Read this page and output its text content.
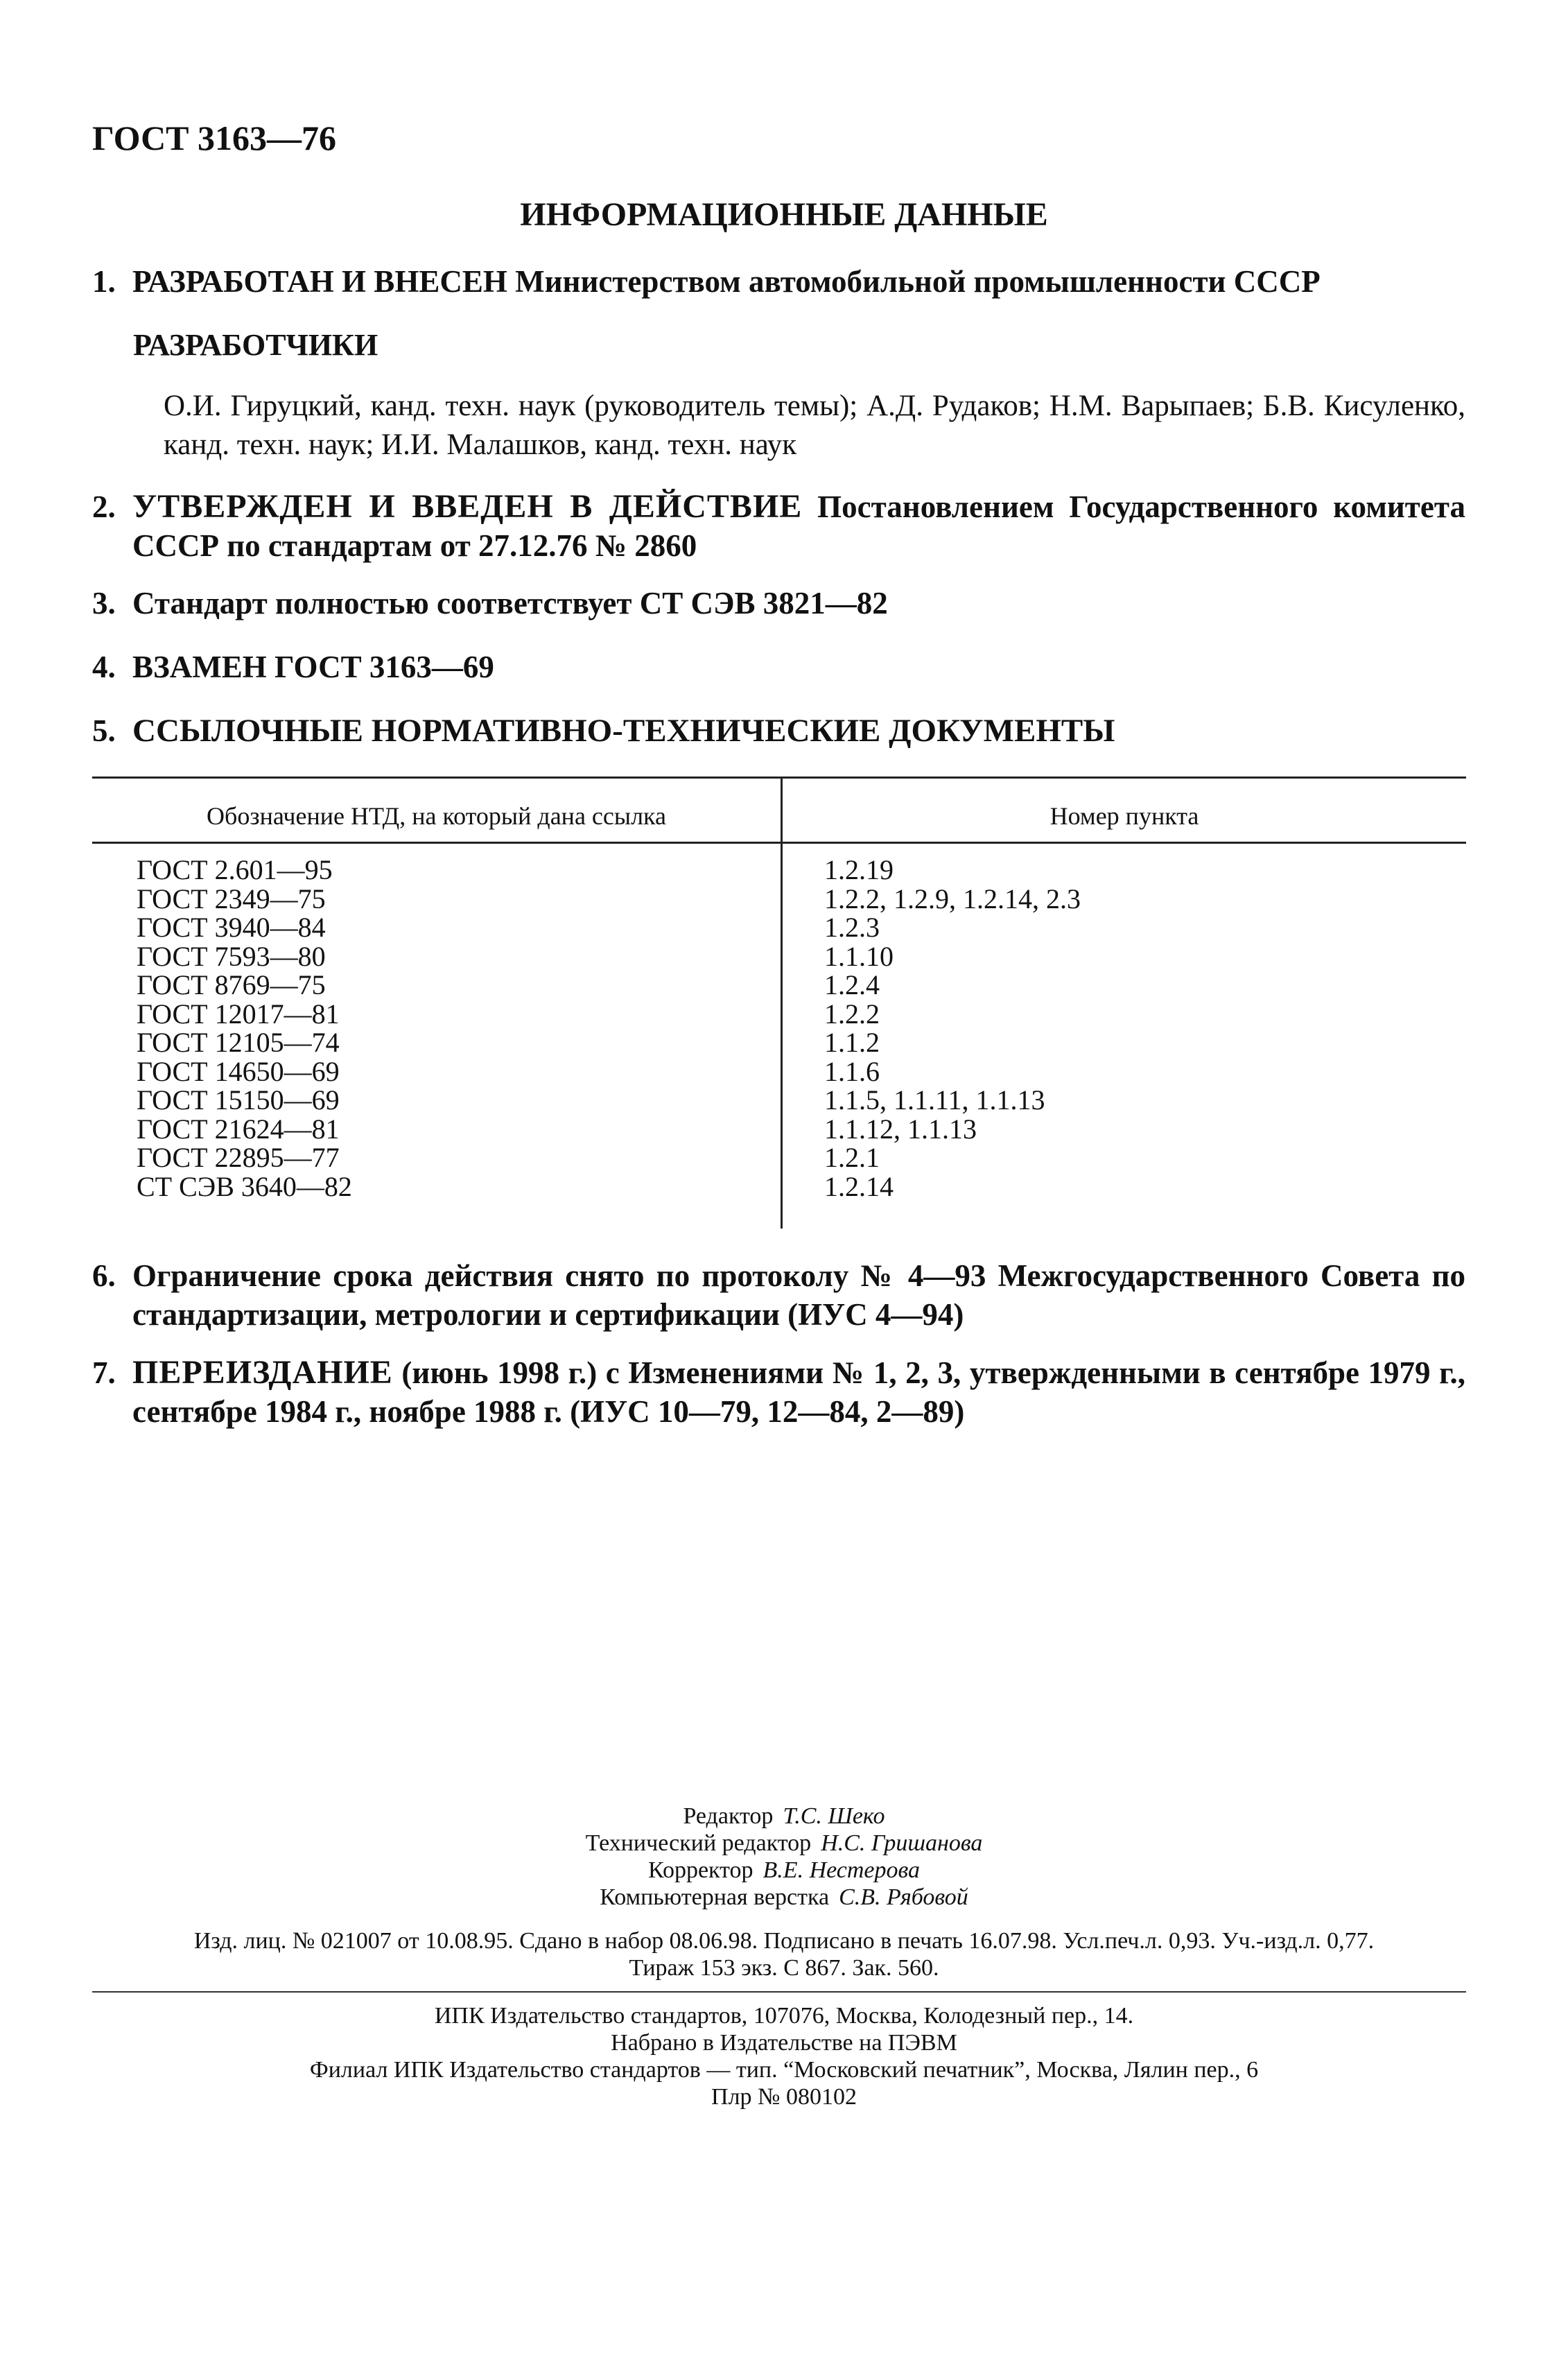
ГОСТ 3163—76
ИНФОРМАЦИОННЫЕ ДАННЫЕ
1. РАЗРАБОТАН И ВНЕСЕН Министерством автомобильной промышленности СССР
РАЗРАБОТЧИКИ
О.И. Гируцкий, канд. техн. наук (руководитель темы); А.Д. Рудаков; Н.М. Варыпаев; Б.В. Кисуленко, канд. техн. наук; И.И. Малашков, канд. техн. наук
2. УТВЕРЖДЕН И ВВЕДЕН В ДЕЙСТВИЕ Постановлением Государственного комитета СССР по стандартам от 27.12.76 № 2860
3. Стандарт полностью соответствует СТ СЭВ 3821—82
4. ВЗАМЕН ГОСТ 3163—69
5. ССЫЛОЧНЫЕ НОРМАТИВНО-ТЕХНИЧЕСКИЕ ДОКУМЕНТЫ
Обозначение НТД, на который дана ссылка	Номер пункта
ГОСТ 2.601—95
ГОСТ 2349—75
ГОСТ 3940—84
ГОСТ 7593—80
ГОСТ 8769—75
ГОСТ 12017—81
ГОСТ 12105—74
ГОСТ 14650—69
ГОСТ 15150—69
ГОСТ 21624—81
ГОСТ 22895—77
СТ СЭВ 3640—82
1.2.19
1.2.2, 1.2.9, 1.2.14, 2.3
1.2.3
1.1.10
1.2.4
1.2.2
1.1.2
1.1.6
1.1.5, 1.1.11, 1.1.13
1.1.12, 1.1.13
1.2.1
1.2.14
6. Ограничение срока действия снято по протоколу № 4—93 Межгосударственного Совета по стандартизации, метрологии и сертификации (ИУС 4—94)
7. ПЕРЕИЗДАНИЕ (июнь 1998 г.) с Изменениями № 1, 2, 3, утвержденными в сентябре 1979 г., сентябре 1984 г., ноябре 1988 г. (ИУС 10—79, 12—84, 2—89)
Редактор Т.С. Шеко
Технический редактор Н.С. Гришанова
Корректор В.Е. Нестерова
Компьютерная верстка С.В. Рябовой
Изд. лиц. № 021007 от 10.08.95. Сдано в набор 08.06.98. Подписано в печать 16.07.98. Усл.печ.л. 0,93. Уч.-изд.л. 0,77.
Тираж 153 экз. С 867. Зак. 560.
ИПК Издательство стандартов, 107076, Москва, Колодезный пер., 14.
Набрано в Издательстве на ПЭВМ
Филиал ИПК Издательство стандартов — тип. “Московский печатник”, Москва, Лялин пер., 6
Плр № 080102
